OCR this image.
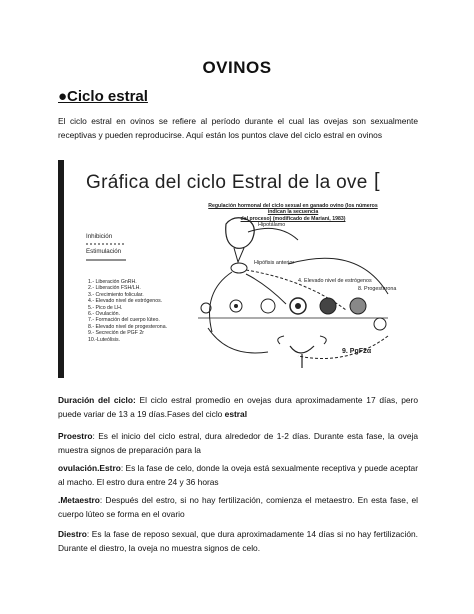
OVINOS
●Ciclo estral
El ciclo estral en ovinos se refiere al período durante el cual las ovejas son sexualmente receptivas y pueden reproducirse. Aquí están los puntos clave del ciclo estral en ovinos
Gráfica del ciclo Estral de la ove [
Regulación hormonal del ciclo sexual en ganado ovino (los números
indican la secuencia
del proceso) (modificado de Mariani, 1983)
Inhibición
Estimulación
1.- Liberación GnRH.
2.- Liberación FSH/LH.
3.- Crecimiento folicular.
4.- Elevado nivel de estrógenos.
5.- Pico de LH.
6.- Ovulación.
7.- Formación del cuerpo lúteo.
8.- Elevado nivel de progesterona.
9.- Secreción de PGF 2r
10.-Luteólisis.
Hipotálamo
Hipófisis anterior
4. Elevado nivel de estrógenos
8. Progesterona
9. PgF2α
Duración del ciclo: El ciclo estral promedio en ovejas dura aproximadamente 17 días, pero puede variar de 13 a 19 días.Fases del ciclo estral
Proestro: Es el inicio del ciclo estral, dura alrededor de 1-2 días. Durante esta fase, la oveja muestra signos de preparación para la
ovulación.Estro: Es la fase de celo, donde la oveja está sexualmente receptiva y puede aceptar al macho. El estro dura entre 24 y 36 horas
.Metaestro: Después del estro, si no hay fertilización, comienza el metaestro. En esta fase, el cuerpo lúteo se forma en el ovario
Diestro: Es la fase de reposo sexual, que dura aproximadamente 14 días si no hay fertilización. Durante el diestro, la oveja no muestra signos de celo.
